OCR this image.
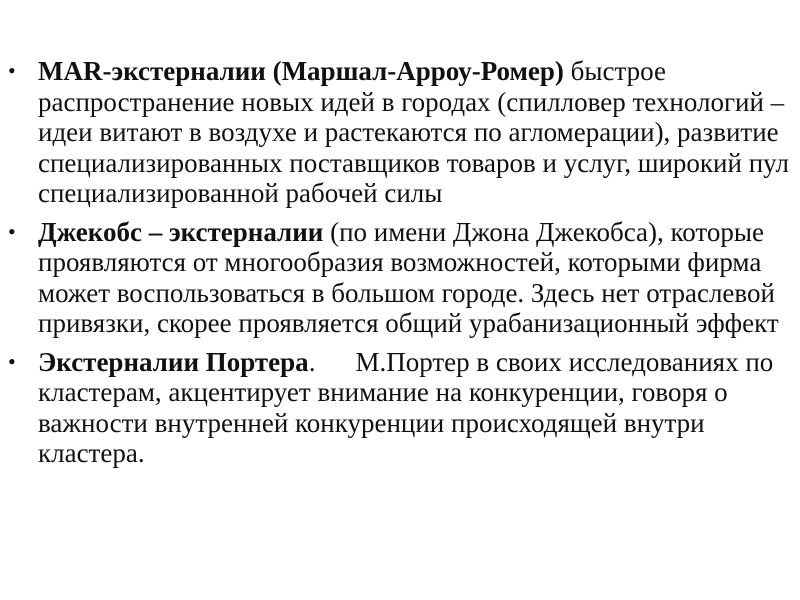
• MAR-экстерналии (Маршал-Арроу-Ромер) быстрое распространение новых идей в городах (спилловер технологий – идеи витают в воздухе и растекаются по агломерации), развитие специализированных поставщиков товаров и услуг, широкий пул специализированной рабочей силы
• Джекобс – экстерналии (по имени Джона Джекобса), которые проявляются от многообразия возможностей, которыми фирма может воспользоваться в большом городе. Здесь нет отраслевой привязки, скорее проявляется общий урабанизационный эффект
• Экстерналии Портера. М.Портер в своих исследованиях по кластерам, акцентирует внимание на конкуренции, говоря о важности внутренней конкуренции происходящей внутри кластера.
